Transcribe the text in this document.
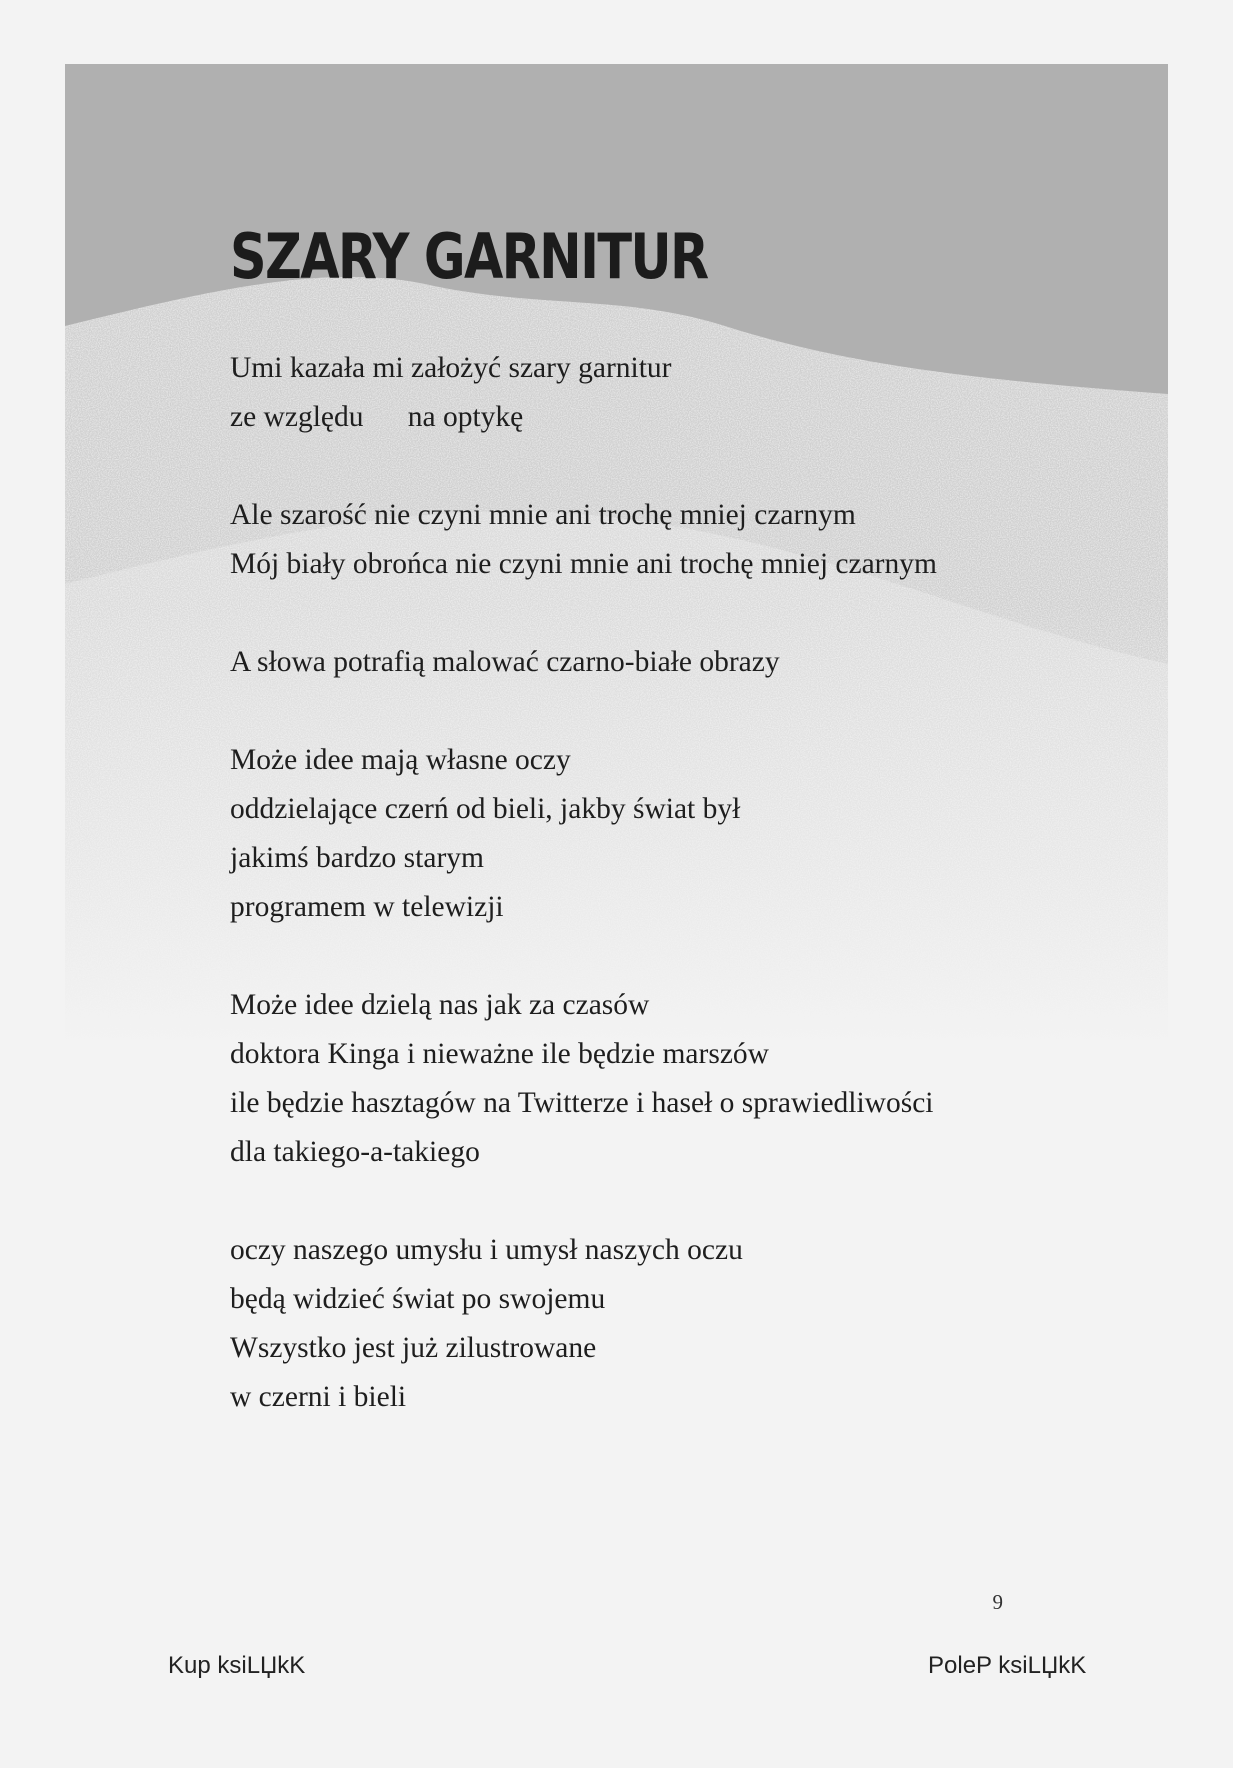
SZARY GARNITUR

Umi kazała mi założyć szary garnitur

ze względu      na optykę

Ale szarość nie czyni mnie ani trochę mniej czarnym

Mój biały obrońca nie czyni mnie ani trochę mniej czarnym

A słowa potrafią malować czarno-białe obrazy

Może idee mają własne oczy

oddzielające czerń od bieli, jakby świat był

jakimś bardzo starym

programem w telewizji

Może idee dzielą nas jak za czasów

doktora Kinga i nieważne ile będzie marszów

ile będzie hasztagów na Twitterze i haseł o sprawiedliwości

dla takiego-a-takiego

oczy naszego umysłu i umysł naszych oczu

będą widzieć świat po swojemu

Wszystko jest już zilustrowane

w czerni i bieli

9
Kup ksiLЏkK	PoleP ksiLЏkK
